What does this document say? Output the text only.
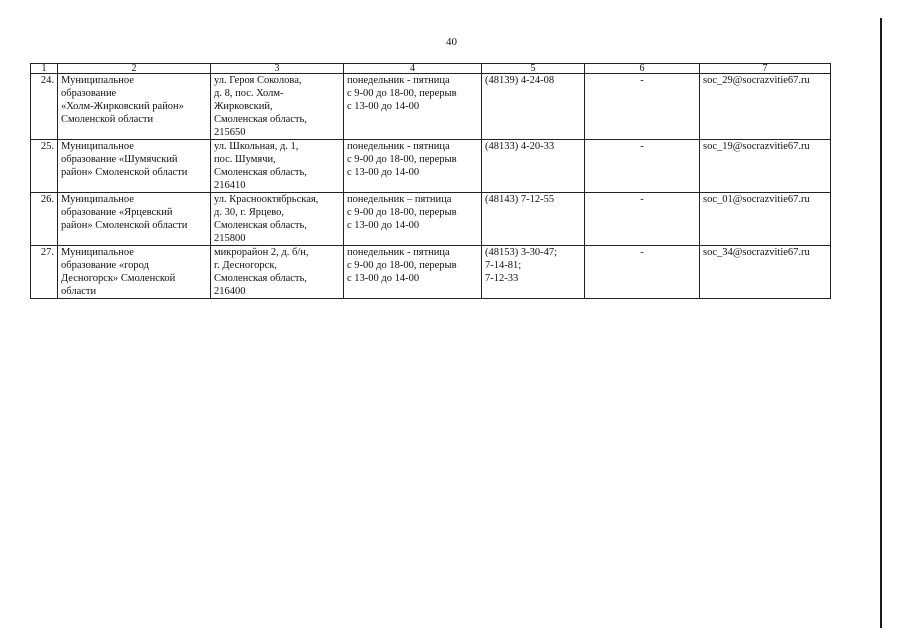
40
1	2	3	4	5	6	7

24.	Муниципальное
образование
«Холм-Жирковский район»
Смоленской области	ул. Героя Соколова,
д. 8, пос. Холм-
Жирковский,
Смоленская область,
215650	понедельник - пятница
с 9-00 до 18-00, перерыв
с 13-00 до 14-00	(48139) 4-24-08	-	soc_29@socrazvitie67.ru

25.	Муниципальное
образование «Шумячский
район» Смоленской области	ул. Школьная, д. 1,
пос. Шумячи,
Смоленская область,
216410	понедельник - пятница
с 9-00 до 18-00, перерыв
с 13-00 до 14-00	(48133) 4-20-33	-	soc_19@socrazvitie67.ru

26.	Муниципальное
образование «Ярцевский
район» Смоленской области	ул. Краснооктябрьская,
д. 30, г. Ярцево,
Смоленская область,
215800	понедельник – пятница
с 9-00 до 18-00, перерыв
с 13-00 до 14-00	(48143) 7-12-55	-	soc_01@socrazvitie67.ru

27.	Муниципальное
образование «город
Десногорск» Смоленской
области	микрорайон 2, д. б/н,
г. Десногорск,
Смоленская область,
216400	понедельник - пятница
с 9-00 до 18-00, перерыв
с 13-00 до 14-00	(48153) 3-30-47;
7-14-81;
7-12-33	-	soc_34@socrazvitie67.ru
